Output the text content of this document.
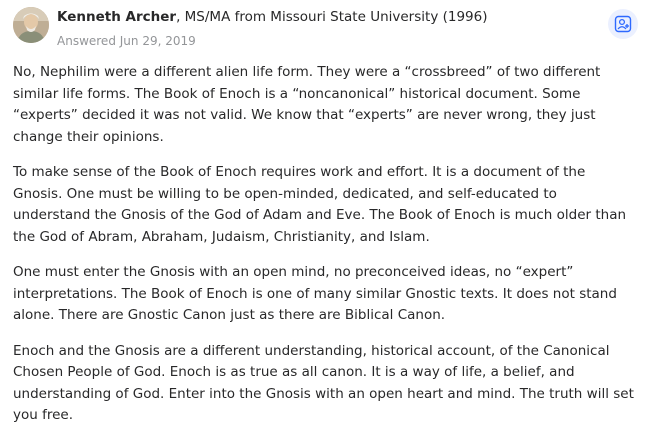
Kenneth Archer, MS/MA from Missouri State University (1996)
Answered Jun 29, 2019

No, Nephilim were a different alien life form. They were a “crossbreed” of two different similar life forms. The Book of Enoch is a “noncanonical” historical document. Some “experts” decided it was not valid. We know that “experts” are never wrong, they just change their opinions.

To make sense of the Book of Enoch requires work and effort. It is a document of the Gnosis. One must be willing to be open-minded, dedicated, and self-educated to understand the Gnosis of the God of Adam and Eve. The Book of Enoch is much older than the God of Abram, Abraham, Judaism, Christianity, and Islam.

One must enter the Gnosis with an open mind, no preconceived ideas, no “expert” interpretations. The Book of Enoch is one of many similar Gnostic texts. It does not stand alone. There are Gnostic Canon just as there are Biblical Canon.

Enoch and the Gnosis are a different understanding, historical account, of the Canonical Chosen People of God. Enoch is as true as all canon. It is a way of life, a belief, and understanding of God. Enter into the Gnosis with an open heart and mind. The truth will set you free.
